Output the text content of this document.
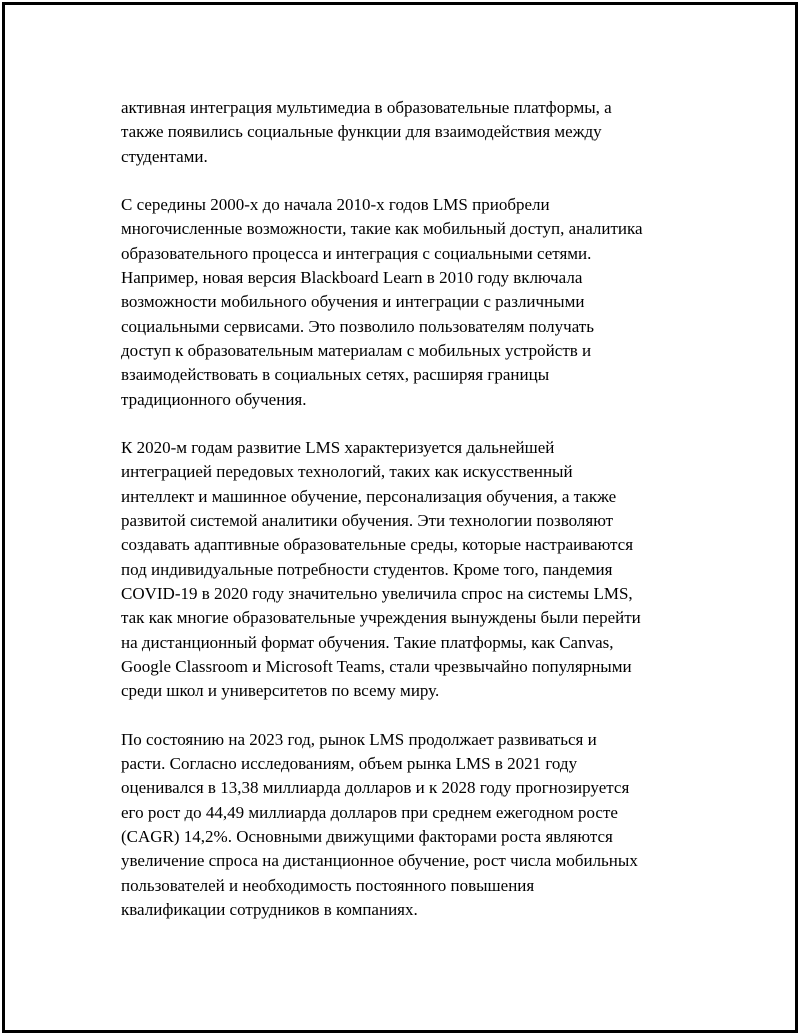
активная интеграция мультимедиа в образовательные платформы, а
также появились социальные функции для взаимодействия между
студентами.

С середины 2000-х до начала 2010-х годов LMS приобрели
многочисленные возможности, такие как мобильный доступ, аналитика
образовательного процесса и интеграция с социальными сетями.
Например, новая версия Blackboard Learn в 2010 году включала
возможности мобильного обучения и интеграции с различными
социальными сервисами. Это позволило пользователям получать
доступ к образовательным материалам с мобильных устройств и
взаимодействовать в социальных сетях, расширяя границы
традиционного обучения.

К 2020-м годам развитие LMS характеризуется дальнейшей
интеграцией передовых технологий, таких как искусственный
интеллект и машинное обучение, персонализация обучения, а также
развитой системой аналитики обучения. Эти технологии позволяют
создавать адаптивные образовательные среды, которые настраиваются
под индивидуальные потребности студентов. Кроме того, пандемия
COVID-19 в 2020 году значительно увеличила спрос на системы LMS,
так как многие образовательные учреждения вынуждены были перейти
на дистанционный формат обучения. Такие платформы, как Canvas,
Google Classroom и Microsoft Teams, стали чрезвычайно популярными
среди школ и университетов по всему миру.

По состоянию на 2023 год, рынок LMS продолжает развиваться и
расти. Согласно исследованиям, объем рынка LMS в 2021 году
оценивался в 13,38 миллиарда долларов и к 2028 году прогнозируется
его рост до 44,49 миллиарда долларов при среднем ежегодном росте
(CAGR) 14,2%. Основными движущими факторами роста являются
увеличение спроса на дистанционное обучение, рост числа мобильных
пользователей и необходимость постоянного повышения
квалификации сотрудников в компаниях.
